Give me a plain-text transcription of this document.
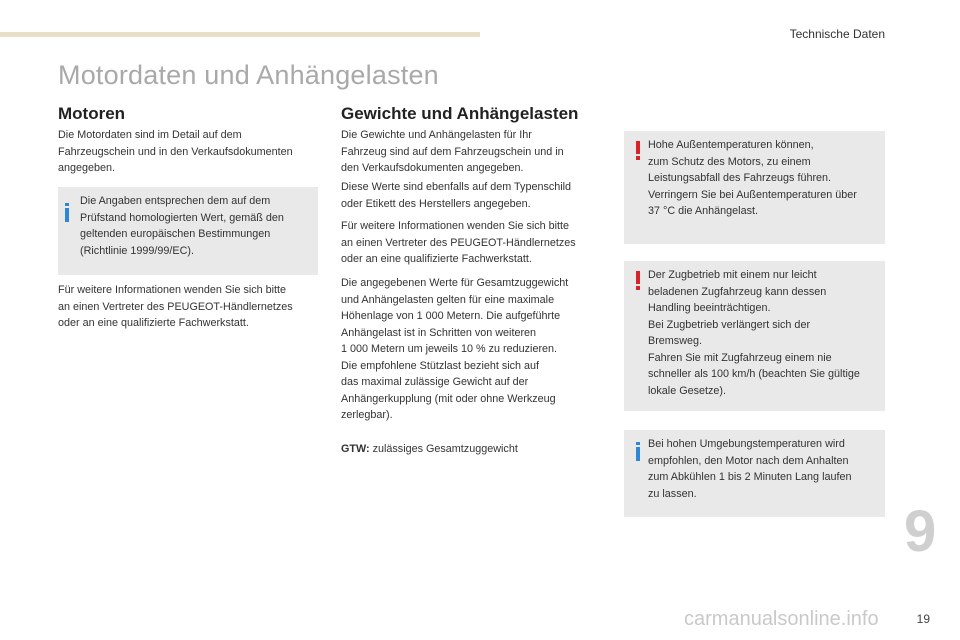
Technische Daten
Motordaten und Anhängelasten
Motoren
Die Motordaten sind im Detail auf dem
Fahrzeugschein und in den Verkaufsdokumenten
angegeben.
Die Angaben entsprechen dem auf dem
Prüfstand homologierten Wert, gemäß den
geltenden europäischen Bestimmungen
(Richtlinie 1999/99/EC).
Für weitere Informationen wenden Sie sich bitte
an einen Vertreter des PEUGEOT-Händlernetzes
oder an eine qualifizierte Fachwerkstatt.
Gewichte und Anhängelasten
Die Gewichte und Anhängelasten für Ihr
Fahrzeug sind auf dem Fahrzeugschein und in
den Verkaufsdokumenten angegeben.
Diese Werte sind ebenfalls auf dem Typenschild
oder Etikett des Herstellers angegeben.
Für weitere Informationen wenden Sie sich bitte
an einen Vertreter des PEUGEOT-Händlernetzes
oder an eine qualifizierte Fachwerkstatt.
Die angegebenen Werte für Gesamtzuggewicht
und Anhängelasten gelten für eine maximale
Höhenlage von 1 000 Metern. Die aufgeführte
Anhängelast ist in Schritten von weiteren
1 000 Metern um jeweils 10 % zu reduzieren.
Die empfohlene Stützlast bezieht sich auf
das maximal zulässige Gewicht auf der
Anhängerkupplung (mit oder ohne Werkzeug
zerlegbar).
GTW: zulässiges Gesamtzuggewicht
Hohe Außentemperaturen können,
zum Schutz des Motors, zu einem
Leistungsabfall des Fahrzeugs führen.
Verringern Sie bei Außentemperaturen über
37 °C die Anhängelast.
Der Zugbetrieb mit einem nur leicht
beladenen Zugfahrzeug kann dessen
Handling beeinträchtigen.
Bei Zugbetrieb verlängert sich der
Bremsweg.
Fahren Sie mit Zugfahrzeug einem nie
schneller als 100 km/h (beachten Sie gültige
lokale Gesetze).
Bei hohen Umgebungstemperaturen wird
empfohlen, den Motor nach dem Anhalten
zum Abkühlen 1 bis 2 Minuten Lang laufen
zu lassen.
9
carmanualsonline.info	19
